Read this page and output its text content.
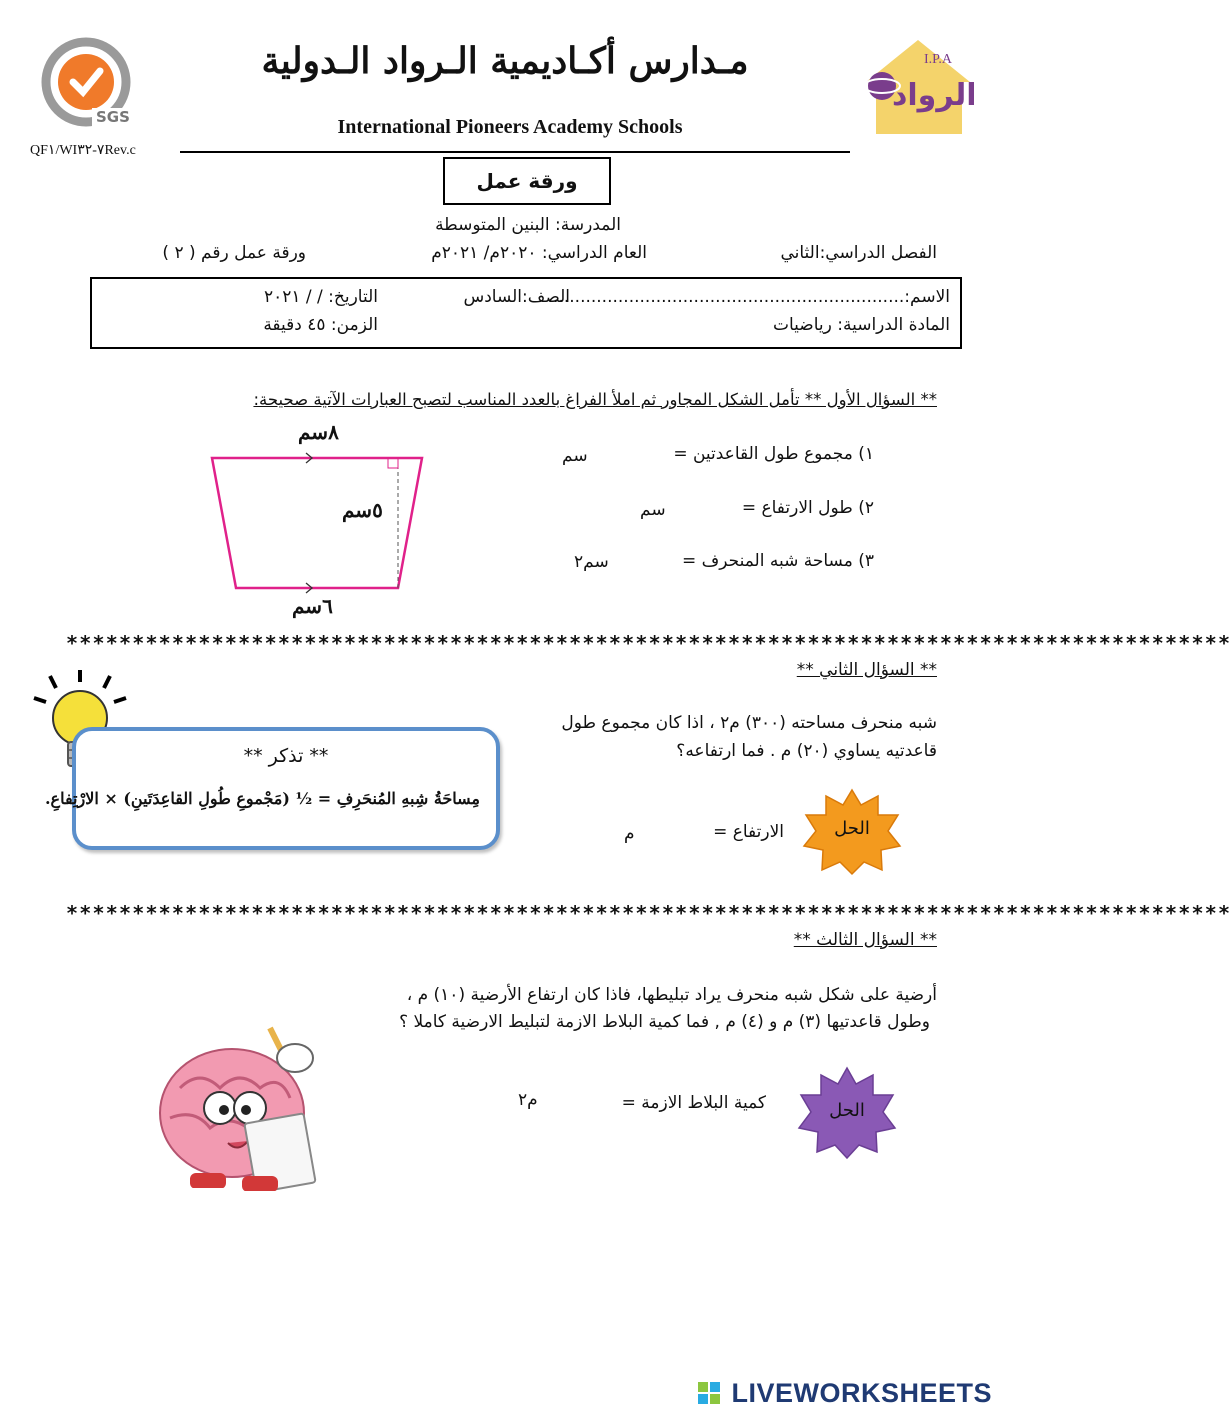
SGS
I.P.A
الرواد
مـدارس أكـاديمية الـرواد الـدولية
International Pioneers Academy Schools
QF١/WI٧-٣٢Rev.c
ورقة عمل
المدرسة: البنين المتوسطة
الفصل الدراسي:الثاني
العام الدراسي: ٢٠٢٠م/ ٢٠٢١م
ورقة عمل رقم ( ٢ )
الاسم:..................................................................
الصف:السادس
التاريخ: / / ٢٠٢١
المادة الدراسية: رياضيات
الزمن: ٤٥ دقيقة
** السؤال الأول ** تأمل الشكل المجاور ثم املأ الفراغ بالعدد المناسب لتصبح العبارات الآتية صحيحة:
٨سم
٥سم
٦سم
١) مجموع طول القاعدتين =
سم
٢) طول الارتفاع =
سم
٣) مساحة شبه المنحرف =
سم٢
****************************************************************************************
** السؤال الثاني **
شبه منحرف مساحته (٣٠٠) م٢ ، اذا كان مجموع طول
قاعدتيه يساوي (٢٠) م . فما ارتفاعه؟
** تذكر **
مِساحَةُ شِبهِ المُنحَرِفِ = ½ (مَجْموعِ طُولِ القاعِدَتَينِ) × الارْتِفاعِ.
الحل
الارتفاع =
م
****************************************************************************************
** السؤال الثالث **
أرضية على شكل شبه منحرف يراد تبليطها، فاذا كان ارتفاع الأرضية (١٠) م ،
وطول قاعدتيها (٣) م و (٤) م , فما كمية البلاط الازمة لتبليط الارضية كاملا ؟
الحل
كمية البلاط الازمة =
م٢
LIVEWORKSHEETS
